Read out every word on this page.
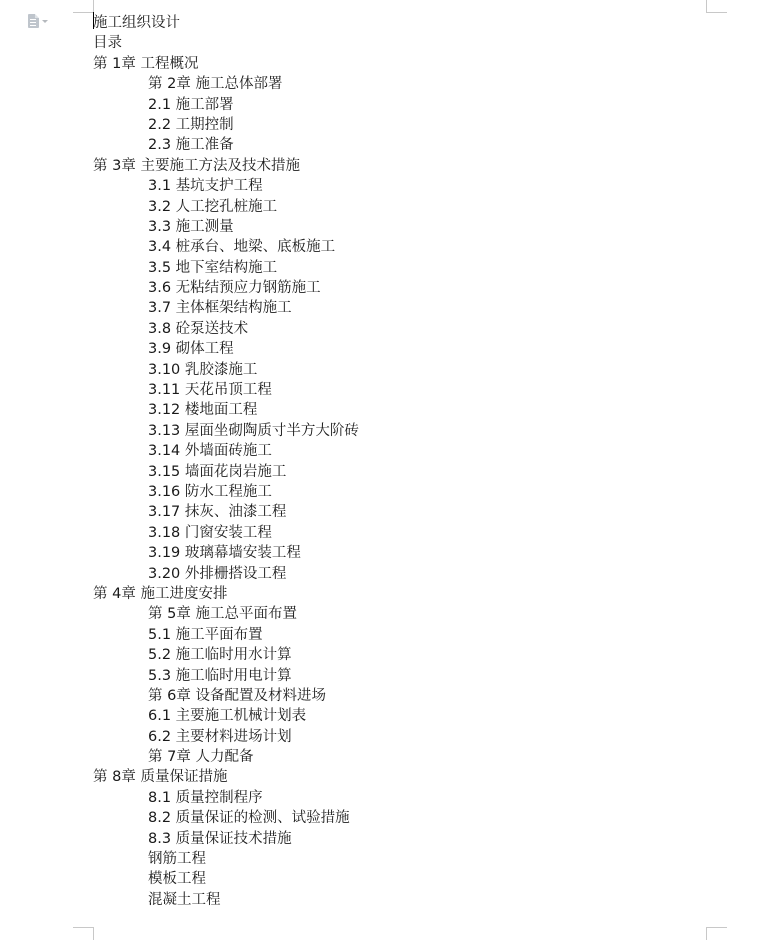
施工组织设计
目录
第 1章 工程概况
第 2章 施工总体部署
2.1 施工部署
2.2 工期控制
2.3 施工准备
第 3章 主要施工方法及技术措施
3.1 基坑支护工程
3.2 人工挖孔桩施工
3.3 施工测量
3.4 桩承台、地梁、底板施工
3.5 地下室结构施工
3.6 无粘结预应力钢筋施工
3.7 主体框架结构施工
3.8 砼泵送技术
3.9 砌体工程
3.10 乳胶漆施工
3.11 天花吊顶工程
3.12 楼地面工程
3.13 屋面坐砌陶质寸半方大阶砖
3.14 外墙面砖施工
3.15 墙面花岗岩施工
3.16 防水工程施工
3.17 抹灰、油漆工程
3.18 门窗安装工程
3.19 玻璃幕墙安装工程
3.20 外排栅搭设工程
第 4章 施工进度安排
第 5章 施工总平面布置
5.1 施工平面布置
5.2 施工临时用水计算
5.3 施工临时用电计算
第 6章 设备配置及材料进场
6.1 主要施工机械计划表
6.2 主要材料进场计划
第 7章 人力配备
第 8章 质量保证措施
8.1 质量控制程序
8.2 质量保证的检测、试验措施
8.3 质量保证技术措施
钢筋工程
模板工程
混凝土工程
